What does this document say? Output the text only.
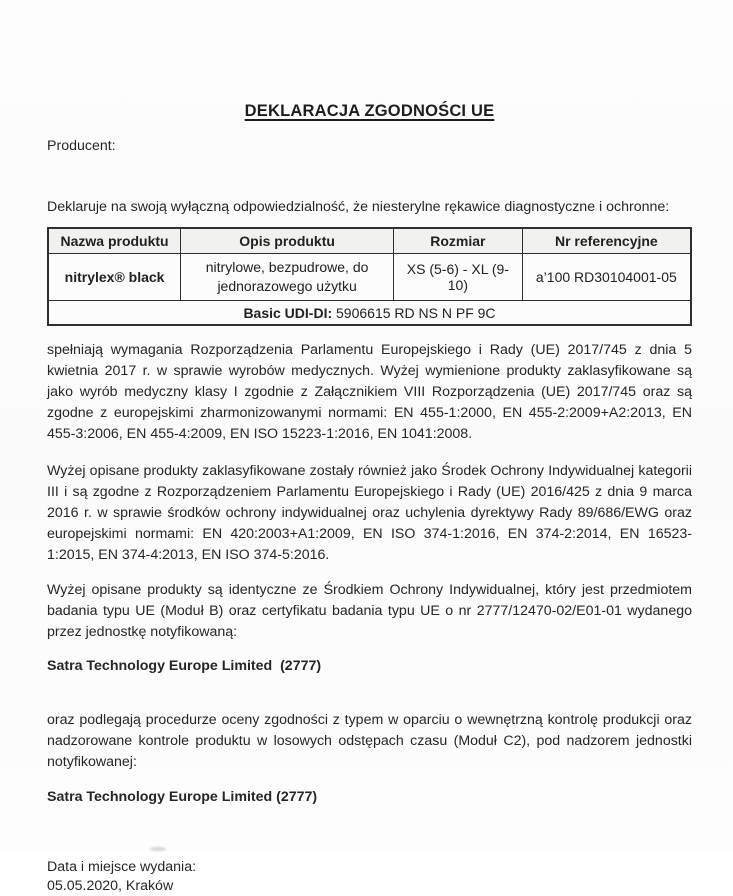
DEKLARACJA ZGODNOŚCI UE
Producent:
Deklaruje na swoją wyłączną odpowiedzialność, że niesterylne rękawice diagnostyczne i ochronne:
Nazwa produktu	Opis produktu	Rozmiar	Nr referencyjne
nitrylex® black	nitrylowe, bezpudrowe, do jednorazowego użytku	XS (5-6) - XL (9-10)	a’100 RD30104001-05
Basic UDI-DI: 5906615 RD NS N PF 9C			

spełniają wymagania Rozporządzenia Parlamentu Europejskiego i Rady (UE) 2017/745 z dnia 5 kwietnia 2017 r. w sprawie wyrobów medycznych. Wyżej wymienione produkty zaklasyfikowane są jako wyrób medyczny klasy I zgodnie z Załącznikiem VIII Rozporządzenia (UE) 2017/745 oraz są zgodne z europejskimi zharmonizowanymi normami: EN 455-1:2000, EN 455-2:2009+A2:2013, EN 455-3:2006, EN 455-4:2009, EN ISO 15223-1:2016, EN 1041:2008.

Wyżej opisane produkty zaklasyfikowane zostały również jako Środek Ochrony Indywidualnej kategorii III i są zgodne z Rozporządzeniem Parlamentu Europejskiego i Rady (UE) 2016/425 z dnia 9 marca 2016 r. w sprawie środków ochrony indywidualnej oraz uchylenia dyrektywy Rady 89/686/EWG oraz europejskimi normami: EN 420:2003+A1:2009, EN ISO 374-1:2016, EN 374-2:2014, EN 16523-1:2015, EN 374-4:2013, EN ISO 374-5:2016.

Wyżej opisane produkty są identyczne ze Środkiem Ochrony Indywidualnej, który jest przedmiotem badania typu UE (Moduł B) oraz certyfikatu badania typu UE o nr 2777/12470-02/E01-01 wydanego przez jednostkę notyfikowaną:

Satra Technology Europe Limited  (2777)

oraz podlegają procedurze oceny zgodności z typem w oparciu o wewnętrzną kontrolę produkcji oraz nadzorowane kontrole produktu w losowych odstępach czasu (Moduł C2), pod nadzorem jednostki notyfikowanej:

Satra Technology Europe Limited (2777)

Data i miejsce wydania:
05.05.2020, Kraków
